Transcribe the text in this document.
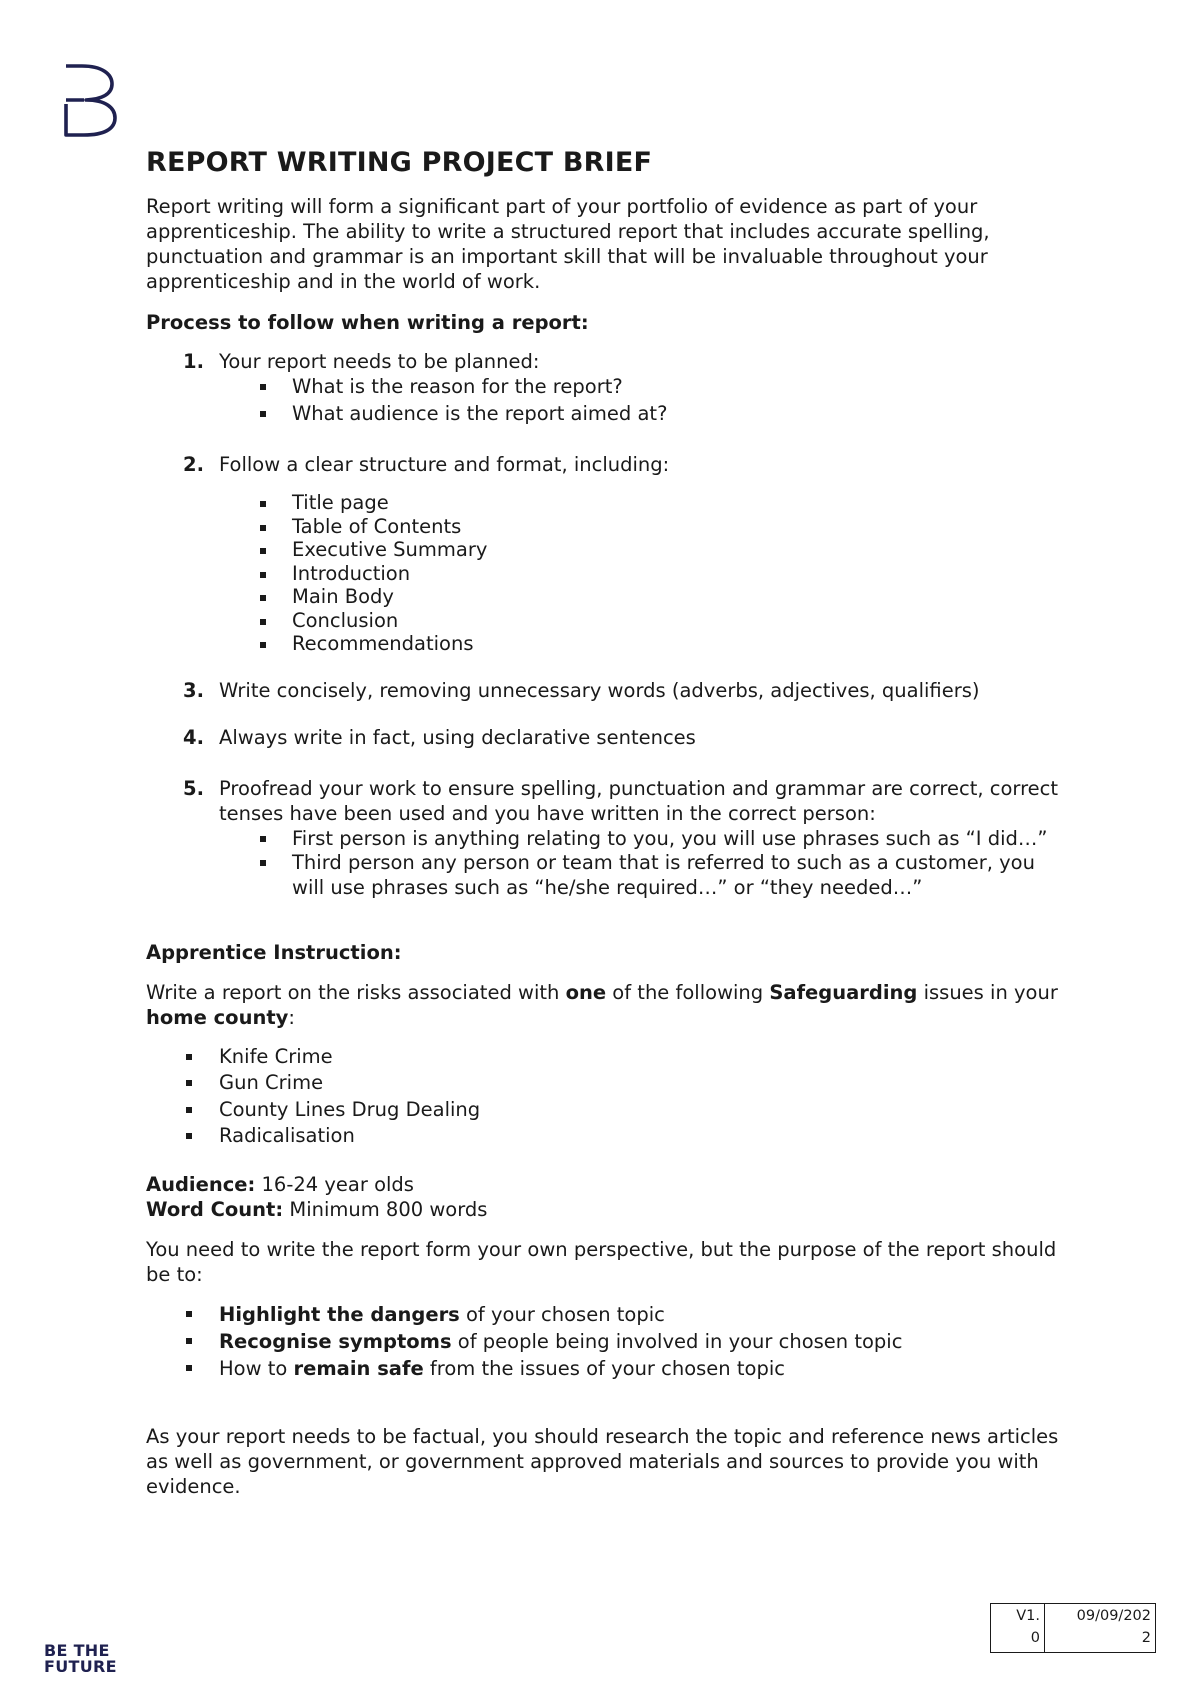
REPORT WRITING PROJECT BRIEF

Report writing will form a significant part of your portfolio of evidence as part of your apprenticeship. The ability to write a structured report that includes accurate spelling, punctuation and grammar is an important skill that will be invaluable throughout your apprenticeship and in the world of work.

Process to follow when writing a report:

1. Your report needs to be planned:
What is the reason for the report?
What audience is the report aimed at?
2. Follow a clear structure and format, including:
Title page
Table of Contents
Executive Summary
Introduction
Main Body
Conclusion
Recommendations
3. Write concisely, removing unnecessary words (adverbs, adjectives, qualifiers)
4. Always write in fact, using declarative sentences
5. Proofread your work to ensure spelling, punctuation and grammar are correct, correct tenses have been used and you have written in the correct person:
First person is anything relating to you, you will use phrases such as “I did…”
Third person any person or team that is referred to such as a customer, you will use phrases such as “he/she required…” or “they needed…”

Apprentice Instruction:

Write a report on the risks associated with one of the following Safeguarding issues in your home county:

Knife Crime
Gun Crime
County Lines Drug Dealing
Radicalisation

Audience: 16-24 year olds

Word Count: Minimum 800 words

You need to write the report form your own perspective, but the purpose of the report should be to:

Highlight the dangers of your chosen topic
Recognise symptoms of people being involved in your chosen topic
How to remain safe from the issues of your chosen topic

As your report needs to be factual, you should research the topic and reference news articles as well as government, or government approved materials and sources to provide you with evidence.

V1.
0
09/09/202
2
BE THE
FUTURE
